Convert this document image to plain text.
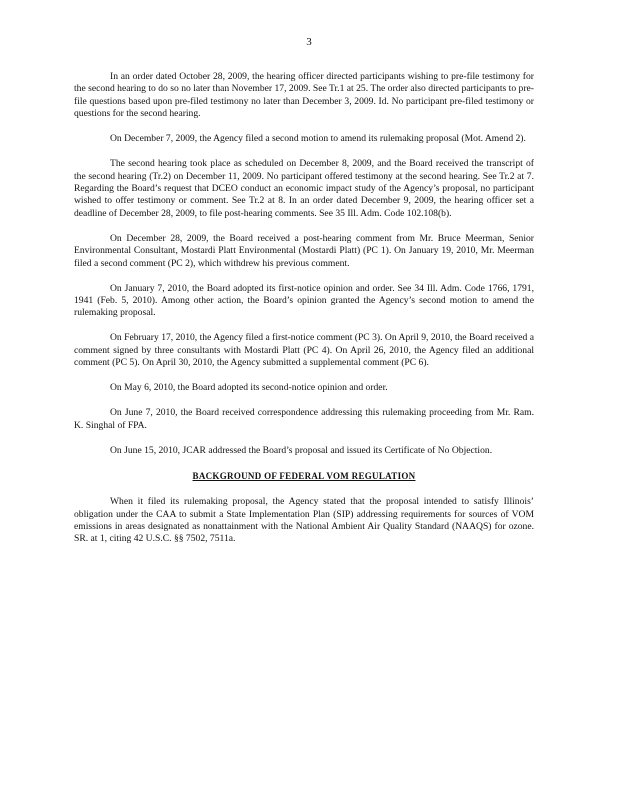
3

In an order dated October 28, 2009, the hearing officer directed participants wishing to pre-file testimony for the second hearing to do so no later than November 17, 2009. See Tr.1 at 25. The order also directed participants to pre-file questions based upon pre-filed testimony no later than December 3, 2009. Id. No participant pre-filed testimony or questions for the second hearing.

On December 7, 2009, the Agency filed a second motion to amend its rulemaking proposal (Mot. Amend 2).

The second hearing took place as scheduled on December 8, 2009, and the Board received the transcript of the second hearing (Tr.2) on December 11, 2009. No participant offered testimony at the second hearing. See Tr.2 at 7. Regarding the Board’s request that DCEO conduct an economic impact study of the Agency’s proposal, no participant wished to offer testimony or comment. See Tr.2 at 8. In an order dated December 9, 2009, the hearing officer set a deadline of December 28, 2009, to file post-hearing comments. See 35 Ill. Adm. Code 102.108(b).

On December 28, 2009, the Board received a post-hearing comment from Mr. Bruce Meerman, Senior Environmental Consultant, Mostardi Platt Environmental (Mostardi Platt) (PC 1). On January 19, 2010, Mr. Meerman filed a second comment (PC 2), which withdrew his previous comment.

On January 7, 2010, the Board adopted its first-notice opinion and order. See 34 Ill. Adm. Code 1766, 1791, 1941 (Feb. 5, 2010). Among other action, the Board’s opinion granted the Agency’s second motion to amend the rulemaking proposal.

On February 17, 2010, the Agency filed a first-notice comment (PC 3). On April 9, 2010, the Board received a comment signed by three consultants with Mostardi Platt (PC 4). On April 26, 2010, the Agency filed an additional comment (PC 5). On April 30, 2010, the Agency submitted a supplemental comment (PC 6).

On May 6, 2010, the Board adopted its second-notice opinion and order.

On June 7, 2010, the Board received correspondence addressing this rulemaking proceeding from Mr. Ram. K. Singhal of FPA.

On June 15, 2010, JCAR addressed the Board’s proposal and issued its Certificate of No Objection.

BACKGROUND OF FEDERAL VOM REGULATION

When it filed its rulemaking proposal, the Agency stated that the proposal intended to satisfy Illinois’ obligation under the CAA to submit a State Implementation Plan (SIP) addressing requirements for sources of VOM emissions in areas designated as nonattainment with the National Ambient Air Quality Standard (NAAQS) for ozone. SR. at 1, citing 42 U.S.C. §§ 7502, 7511a.
